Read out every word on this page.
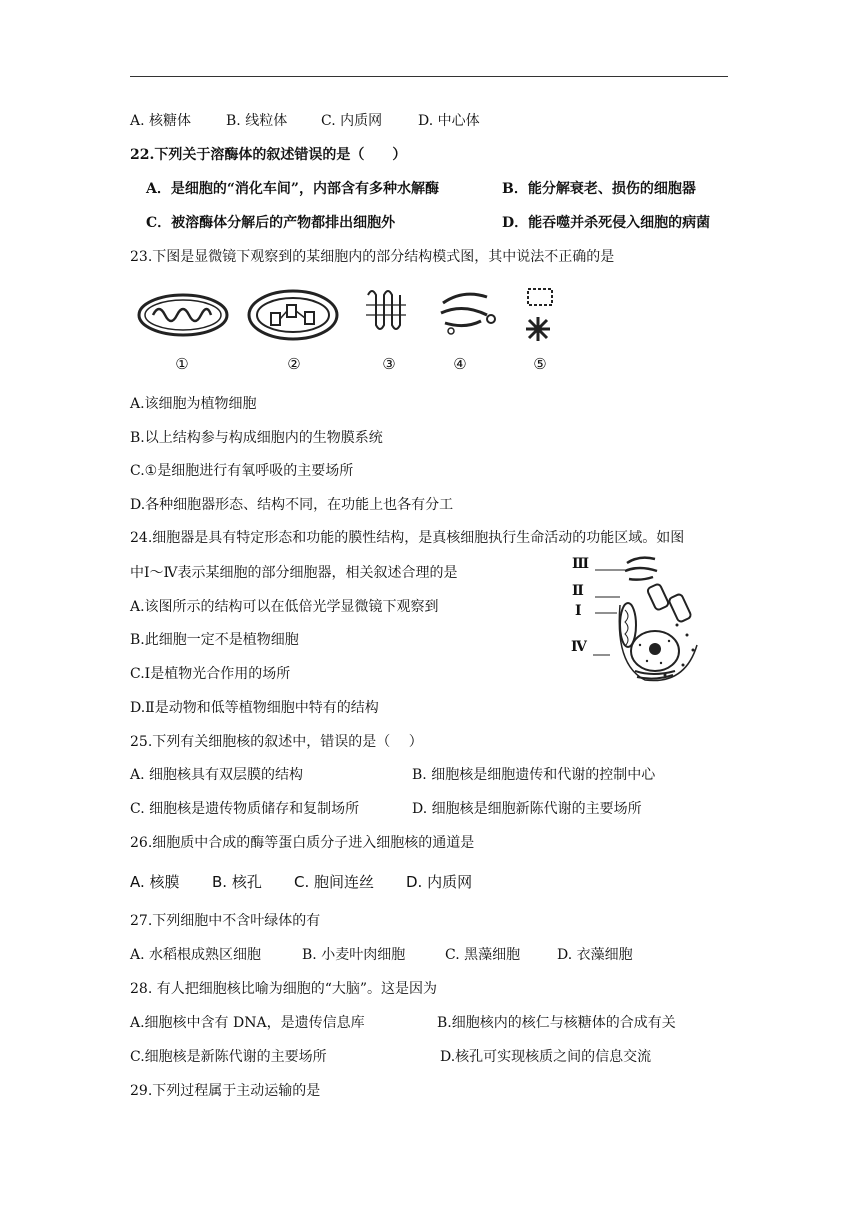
A. 核糖体 B. 线粒体 C. 内质网	D. 中心体
22.下列关于溶酶体的叙述错误的是（　　）
A．是细胞的“消化车间”，内部含有多种水解酶	B．能分解衰老、损伤的细胞器
C．被溶酶体分解后的产物都排出细胞外	D．能吞噬并杀死侵入细胞的病菌
23.下图是显微镜下观察到的某细胞内的部分结构模式图，其中说法不正确的是
①	②	③	④	⑤
A.该细胞为植物细胞
B.以上结构参与构成细胞内的生物膜系统
C.①是细胞进行有氧呼吸的主要场所
D.各种细胞器形态、结构不同，在功能上也各有分工
24.细胞器是具有特定形态和功能的膜性结构，是真核细胞执行生命活动的功能区域。如图
中Ⅰ～Ⅳ表示某细胞的部分细胞器，相关叙述合理的是
A.该图所示的结构可以在低倍光学显微镜下观察到
B.此细胞一定不是植物细胞
C.Ⅰ是植物光合作用的场所
D.Ⅱ是动物和低等植物细胞中特有的结构
Ⅲ
Ⅱ
Ⅰ
Ⅳ
25.下列有关细胞核的叙述中，错误的是（　 ）
A. 细胞核具有双层膜的结构	B. 细胞核是细胞遗传和代谢的控制中心
C. 细胞核是遗传物质储存和复制场所	D. 细胞核是细胞新陈代谢的主要场所
26.细胞质中合成的酶等蛋白质分子进入细胞核的通道是
A. 核膜 B. 核孔 C. 胞间连丝 D. 内质网
27.下列细胞中不含叶绿体的有
A. 水稻根成熟区细胞	B. 小麦叶肉细胞	C. 黑藻细胞	D. 衣藻细胞
28. 有人把细胞核比喻为细胞的“大脑”。这是因为
A.细胞核中含有 DNA，是遗传信息库	B.细胞核内的核仁与核糖体的合成有关
C.细胞核是新陈代谢的主要场所	D.核孔可实现核质之间的信息交流
29.下列过程属于主动运输的是
